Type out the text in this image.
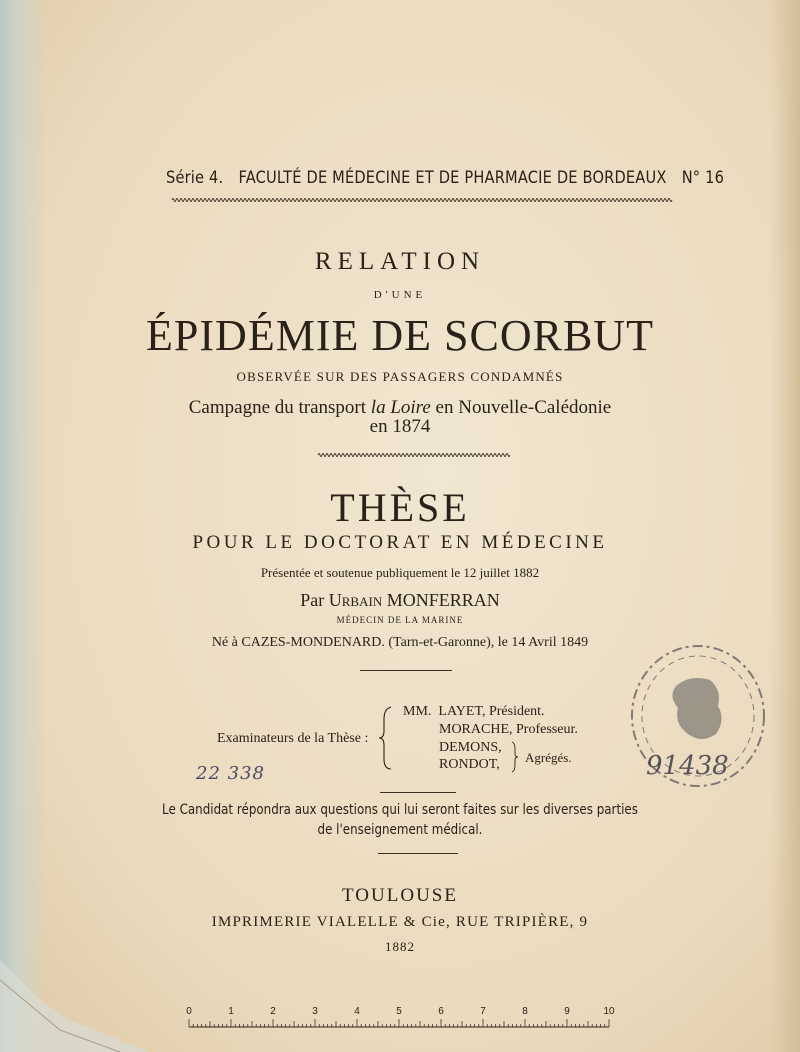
Série 4. FACULTÉ DE MÉDECINE ET DE PHARMACIE DE BORDEAUX N° 16
RELATION
D'UNE
ÉPIDÉMIE DE SCORBUT
OBSERVÉE SUR DES PASSAGERS CONDAMNÉS
Campagne du transport la Loire en Nouvelle-Calédonie
en 1874
THÈSE
POUR LE DOCTORAT EN MÉDECINE
Présentée et soutenue publiquement le 12 juillet 1882
Par Urbain MONFERRAN
MÉDECIN DE LA MARINE
Né à CAZES-MONDENARD. (Tarn-et-Garonne), le 14 Avril 1849
Examinateurs de la Thèse :
MM. LAYET, Président.
MORACHE, Professeur.
DEMONS,
RONDOT, Agrégés.
22 338	91438
Le Candidat répondra aux questions qui lui seront faites sur les diverses parties
de l'enseignement médical.
TOULOUSE
IMPRIMERIE VIALELLE & Cie, RUE TRIPIÈRE, 9
1882
0	1	2	3	4	5	6	7	8	9	10
